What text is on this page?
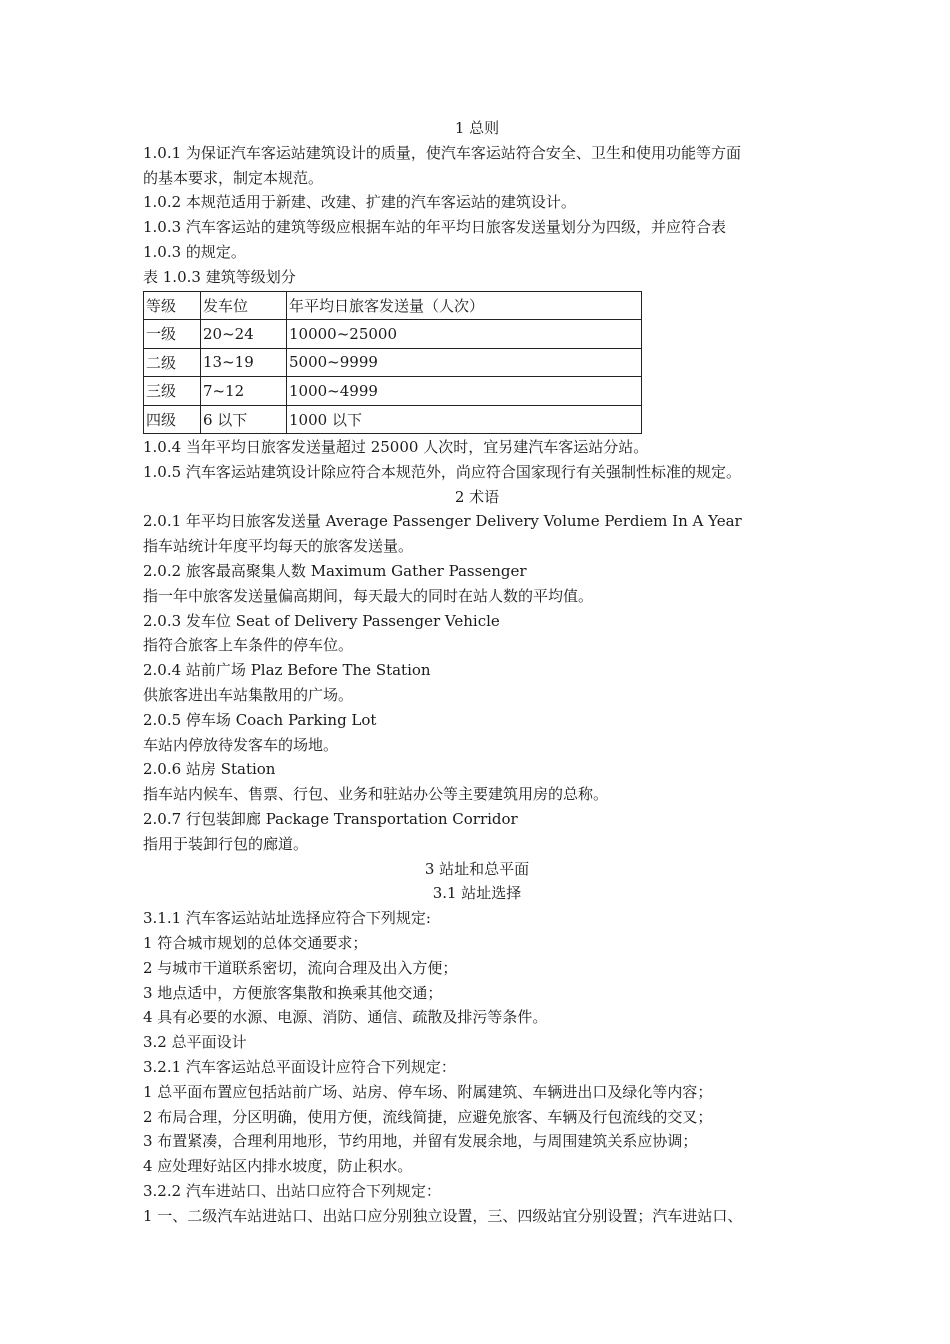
1 总则
1.0.1 为保证汽车客运站建筑设计的质量，使汽车客运站符合安全、卫生和使用功能等方面
的基本要求，制定本规范。
1.0.2 本规范适用于新建、改建、扩建的汽车客运站的建筑设计。
1.0.3 汽车客运站的建筑等级应根据车站的年平均日旅客发送量划分为四级，并应符合表
1.0.3 的规定。
表 1.0.3 建筑等级划分
等级	发车位	年平均日旅客发送量（人次）
一级	20~24	10000~25000
二级	13~19	5000~9999
三级	7~12	1000~4999
四级	6 以下	1000 以下
1.0.4 当年平均日旅客发送量超过 25000 人次时，宜另建汽车客运站分站。
1.0.5 汽车客运站建筑设计除应符合本规范外，尚应符合国家现行有关强制性标准的规定。
2 术语
2.0.1 年平均日旅客发送量 Average Passenger Delivery Volume Perdiem In A Year
指车站统计年度平均每天的旅客发送量。
2.0.2 旅客最高聚集人数 Maximum Gather Passenger
指一年中旅客发送量偏高期间，每天最大的同时在站人数的平均值。
2.0.3 发车位 Seat of Delivery Passenger Vehicle
指符合旅客上车条件的停车位。
2.0.4 站前广场 Plaz Before The Station
供旅客进出车站集散用的广场。
2.0.5 停车场 Coach Parking Lot
车站内停放待发客车的场地。
2.0.6 站房 Station
指车站内候车、售票、行包、业务和驻站办公等主要建筑用房的总称。
2.0.7 行包装卸廊 Package Transportation Corridor
指用于装卸行包的廊道。
3 站址和总平面
3.1 站址选择
3.1.1 汽车客运站站址选择应符合下列规定:
1 符合城市规划的总体交通要求；
2 与城市干道联系密切，流向合理及出入方便；
3 地点适中，方便旅客集散和换乘其他交通；
4 具有必要的水源、电源、消防、通信、疏散及排污等条件。
3.2 总平面设计
3.2.1 汽车客运站总平面设计应符合下列规定：
1 总平面布置应包括站前广场、站房、停车场、附属建筑、车辆进出口及绿化等内容；
2 布局合理，分区明确，使用方便，流线简捷，应避免旅客、车辆及行包流线的交叉；
3 布置紧凑，合理利用地形，节约用地，并留有发展余地，与周围建筑关系应协调；
4 应处理好站区内排水坡度，防止积水。
3.2.2 汽车进站口、出站口应符合下列规定：
1 一、二级汽车站进站口、出站口应分别独立设置，三、四级站宜分别设置；汽车进站口、
